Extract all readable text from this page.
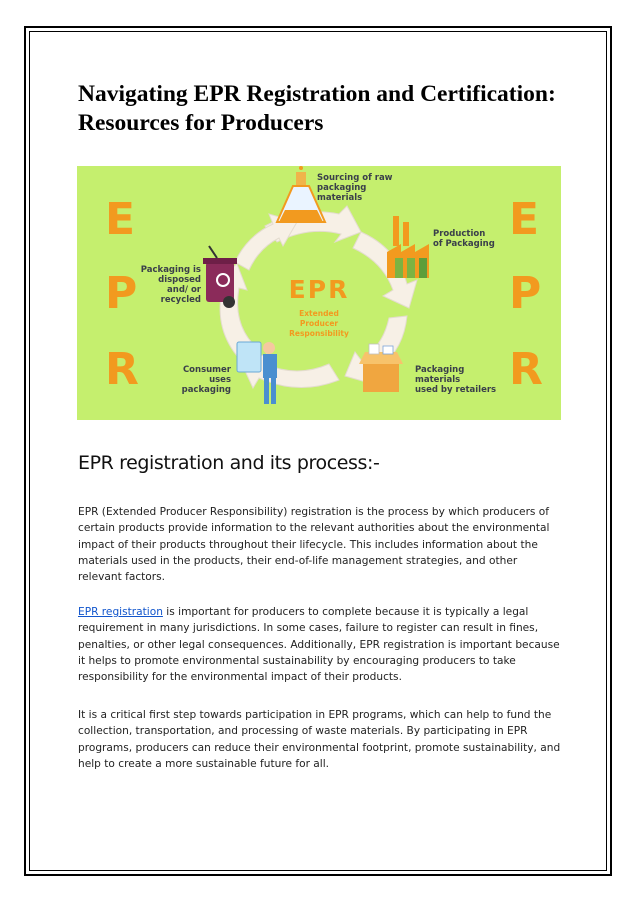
Navigating EPR Registration and Certification: Resources for Producers
E
P
R
E
P
R
EPR
Extended
Producer
Responsibility
Sourcing of raw
packaging
materials
Production
of Packaging
Packaging
materials
used by retailers
Consumer
uses
packaging
Packaging is
disposed
and/ or
recycled
EPR registration and its process:-

EPR (Extended Producer Responsibility) registration is the process by which producers of certain products provide information to the relevant authorities about the environmental impact of their products throughout their lifecycle. This includes information about the materials used in the products, their end-of-life management strategies, and other relevant factors.

EPR registration is important for producers to complete because it is typically a legal requirement in many jurisdictions. In some cases, failure to register can result in fines, penalties, or other legal consequences. Additionally, EPR registration is important because it helps to promote environmental sustainability by encouraging producers to take responsibility for the environmental impact of their products.

It is a critical first step towards participation in EPR programs, which can help to fund the collection, transportation, and processing of waste materials. By participating in EPR programs, producers can reduce their environmental footprint, promote sustainability, and help to create a more sustainable future for all.
